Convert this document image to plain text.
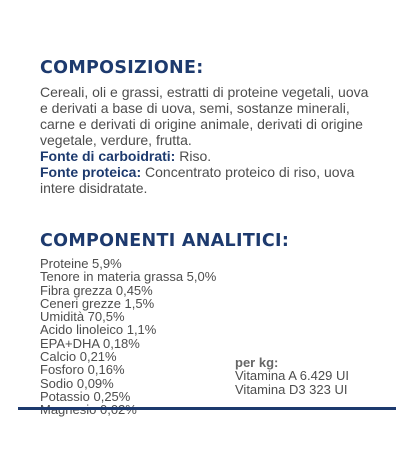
COMPOSIZIONE:

Cereali, oli e grassi, estratti di proteine vegetali, uova e derivati a base di uova, semi, sostanze minerali, carne e derivati di origine animale, derivati di origine vegetale, verdure, frutta.

Fonte di carboidrati: Riso.

Fonte proteica: Concentrato proteico di riso, uova intere disidratate.

COMPONENTI ANALITICI:
Proteine 5,9%
Tenore in materia grassa 5,0%
Fibra grezza 0,45%
Ceneri grezze 1,5%
Umidità 70,5%
Acido linoleico 1,1%
EPA+DHA 0,18%
Calcio 0,21%
Fosforo 0,16%
Sodio 0,09%
Potassio 0,25%
per kg:
Vitamina A 6.429 UI
Vitamina D3 323 UI
